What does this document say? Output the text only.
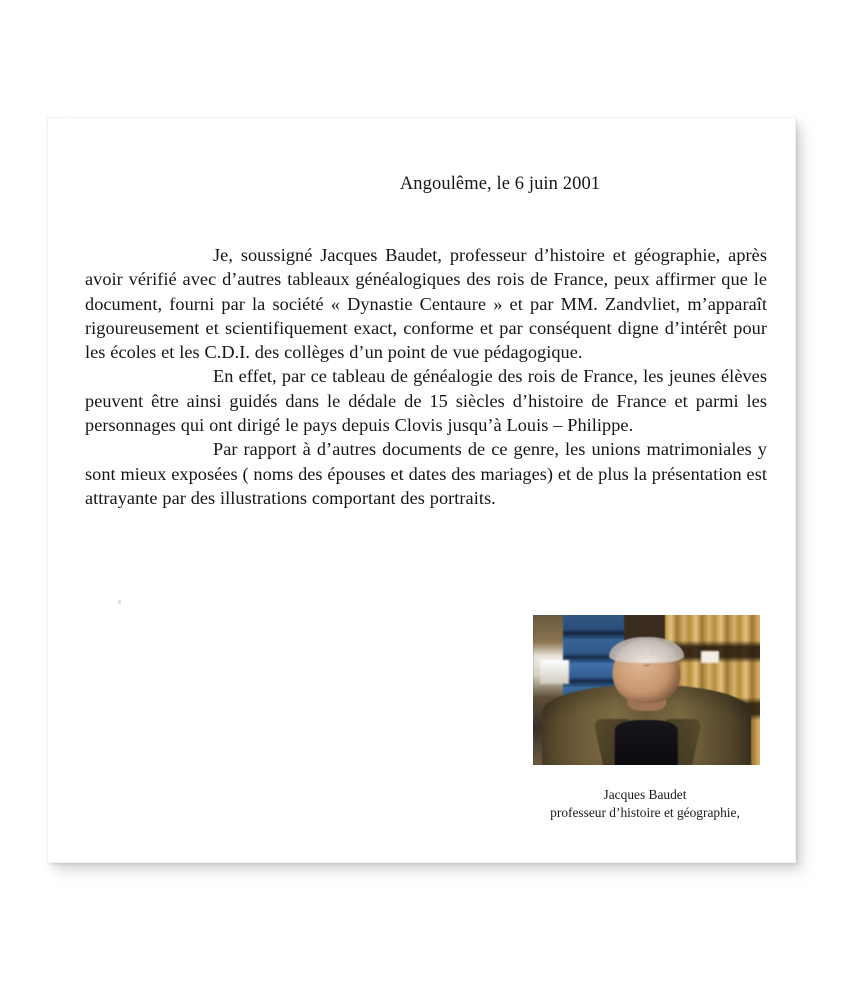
Angoulême, le 6 juin 2001

Je, soussigné Jacques Baudet, professeur d’histoire et géographie, après avoir vérifié avec d’autres tableaux généalogiques des rois de France, peux affirmer que le document, fourni par la société « Dynastie Centaure » et par MM. Zandvliet, m’apparaît rigoureusement et scientifiquement exact, conforme et par conséquent digne d’intérêt pour les écoles et les C.D.I. des collèges d’un point de vue pédagogique.

En effet, par ce tableau de généalogie des rois de France, les jeunes élèves peuvent être ainsi guidés dans le dédale de 15 siècles d’histoire de France et parmi les personnages qui ont dirigé le pays depuis Clovis jusqu’à Louis – Philippe.

Par rapport à d’autres documents de ce genre, les unions matrimoniales y sont mieux exposées ( noms des épouses et dates des mariages) et de plus la présentation est attrayante par des illustrations comportant des portraits.

Jacques Baudet
professeur d’histoire et géographie,
